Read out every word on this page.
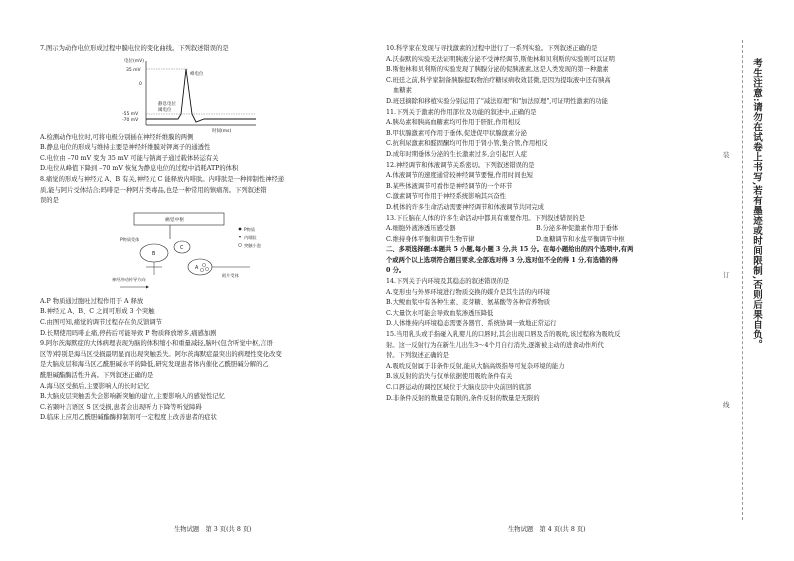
7.图示为动作电位形成过程中膜电位的变化曲线。下列叙述错误的是

电位(mV)
35 mV
0
-55 mV
-70 mV
峰电位
静息电位
阈电位
时间(ms)

A.检测动作电位时,可将电极分别插在神经纤维膜的两侧

B.静息电位的形成与维持主要是神经纤维膜对钾离子的通透性

C.电位由 –70 mV 变为 35 mV 可能与钠离子通过载体转运有关

D.电位从峰值下降到 –70 mV 恢复为静息电位的过程中消耗ATP的体积

8.痛觉的形成与神经元 A、B 有关,神经元 C 能释放内啡肽。内啡肽是一种抑制性神经递

质,能与阿片受体结合;吗啡是一种阿片类毒品,也是一种常用的镇痛剂。下列叙述错

误的是

痛觉中枢
P物质受体
B
C
A
阿片受体
神经冲动传导方向
P物质
内啡肽
突触小泡

A.P 物质通过胞吐过程作用于 A 释放

B.神经元 A、B、C 之间可形成 3 个突触

C.由图可知,痛觉的调节过程存在负反馈调节

D.长期使用吗啡止痛,停药后可能导致 P 物质释放增多,痛感加剧

9.阿尔茨海默症的大体病理表现为脑的体积缩小和重量减轻,脑叶(包含听觉中枢,言语

区等)特别是海马区受损最明显而出现突触丢失。阿尔茨海默症最突出的病理性变化改变

是大脑皮层和海马区乙酰胆碱水平的降低,研究发现患者体内催化乙酰胆碱分解的乙

酰胆碱酯酶活性升高。下列叙述正确的是

A.海马区受损后,主要影响人的长时记忆

B.大脑皮层突触丢失会影响新突触的建立,主要影响人的感觉性记忆

C.若颞叶言语区 S 区受损,患者会出现听力下降等听觉障碍

D.临床上应用乙酰胆碱酯酶抑制剂可一定程度上改善患者的症状

10.科学家在发现与寻找激素的过程中进行了一系列实验。下列叙述正确的是

A.沃泰默的实验无法证明胰液分泌不受神经调节,斯他林和贝利斯的实验则可以证明

B.斯他林和贝利斯的实验发现了胰腺分泌的促胰液素,这是人类发现的第一种激素

C.班廷之前,科学家制备胰腺提取物治疗糖尿病收效甚微,是因为提取液中还有胰高

血糖素

D.班廷摘除和移植实验分别运用了"减法原理"和"加法原理",可证明性激素的功能

11.下列关于激素的作用部位及功能的叙述中,正确的是

A.胰岛素和胰高血糖素均可作用于肝脏,作用相反

B.甲状腺激素可作用于垂体,促进促甲状腺激素分泌

C.抗利尿激素和醛固酮均可作用于肾小管,集合管,作用相反

D.成年时期垂体分泌的生长激素过多,会引起巨人症

12.神经调节和体液调节关系密切。下列叙述错误的是

A.体液调节的速度通常较神经调节要慢,作用时间也短

B.某些体液调节可看作是神经调节的一个环节

C.激素调节可作用于神经系统影响其兴奋性

D.机体的许多生命活动需要神经调节和体液调节共同完成

13.下丘脑在人体的许多生命活动中都具有重要作用。下列叙述错误的是

A.细胞外液渗透压感受器	B.分泌多种促激素作用于垂体
C.维持身体平衡和调节生物节律	D.血糖调节和水盐平衡调节中枢

二、多项选择题:本题共 5 小题,每小题 3 分,共 15 分。在每小题给出的四个选项中,有两

个或两个以上选项符合题目要求,全部选对得 3 分,选对但不全的得 1 分,有选错的得

0 分。

14.下列关于内环境及其稳态的叙述错误的是

A.变形虫与外界环境进行物质交换的媒介是其生活的内环境

B.大鲵血浆中有各种生素、麦芽糖、氨基酸等各种营养物质

C.大量饮水可能会导致血浆渗透压降低

D.人体维持内环境稳态需要各器官、系统协调一致地正常运行

15.当用乳头或手指碰入乳婴儿的口唇时,其会出现口唇及舌的吸吮,该过程称为吸吮反

射。这一反射行为在新生儿出生3～4个月自行消失,逐渐被主动的进食动作所代

替。下列叙述正确的是

A.吸吮反射属于非条件反射,能从大脑高级指导可复杂环境的能力

B.该反射的消失与仅单依据使用吸吮条件有关

C.口唇运动的调控区域位于大脑皮层中央前回的底部

D.非条件反射的数量是有限的,条件反射的数量是无限的

生物试题　第 3 页(共 8 页)	生物试题　第 4 页(共 8 页)
装
订
线
考生注意:请勿在试卷上书写,若有墨迹或时间限制,否则后果自负。
